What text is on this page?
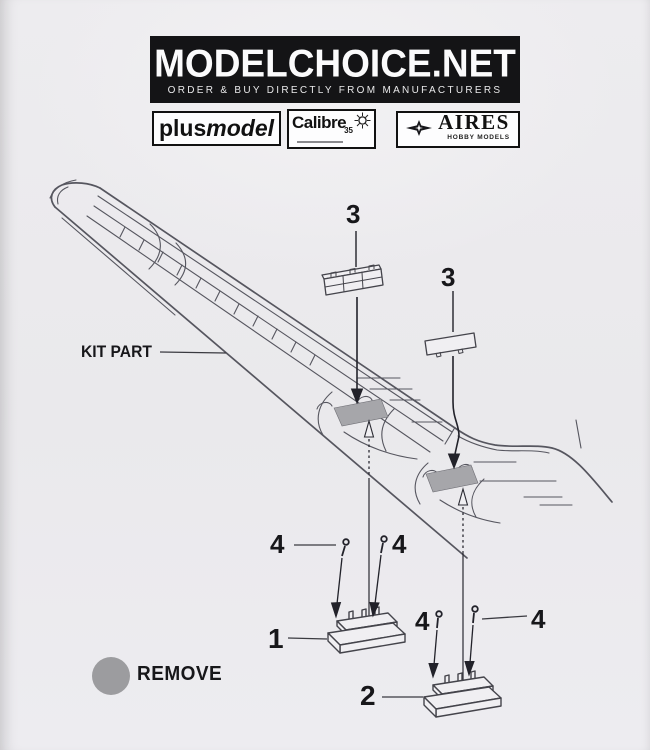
MODELCHOICE.NET
ORDER & BUY DIRECTLY FROM MANUFACTURERS
plus model Calibre
35	AIRES
HOBBY MODELS
3
3
KIT PART
4	4
4	4
1
2
REMOVE
